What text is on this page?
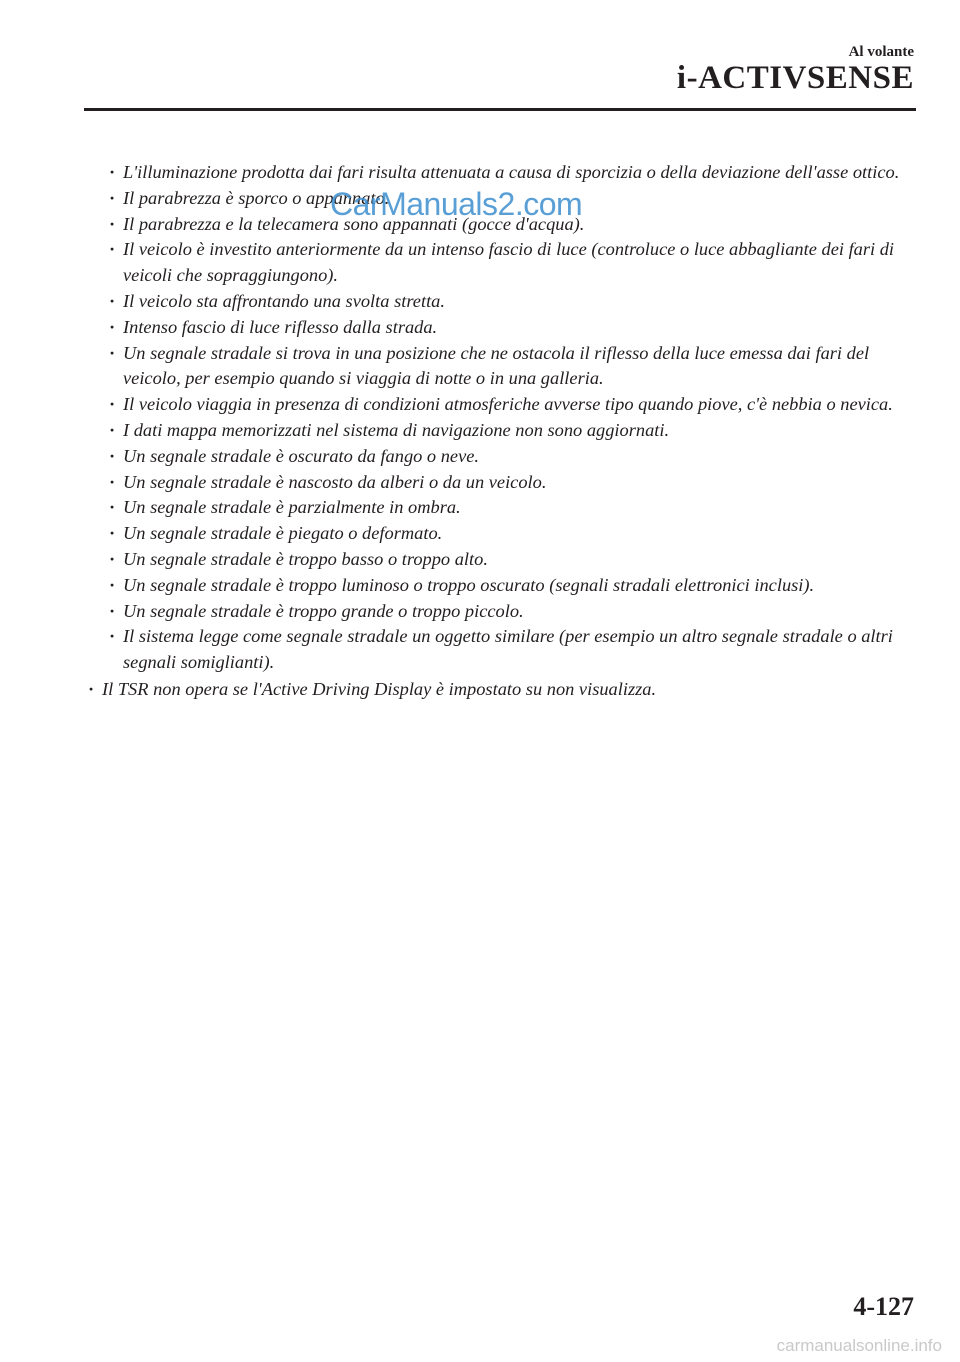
Al volante
i-ACTIVSENSE
· L'illuminazione prodotta dai fari risulta attenuata a causa di sporcizia o della deviazione dell'asse ottico.
· Il parabrezza è sporco o appannato.
· Il parabrezza e la telecamera sono appannati (gocce d'acqua).
· Il veicolo è investito anteriormente da un intenso fascio di luce (controluce o luce abbagliante dei fari di veicoli che sopraggiungono).
· Il veicolo sta affrontando una svolta stretta.
· Intenso fascio di luce riflesso dalla strada.
· Un segnale stradale si trova in una posizione che ne ostacola il riflesso della luce emessa dai fari del veicolo, per esempio quando si viaggia di notte o in una galleria.
· Il veicolo viaggia in presenza di condizioni atmosferiche avverse tipo quando piove, c'è nebbia o nevica.
· I dati mappa memorizzati nel sistema di navigazione non sono aggiornati.
· Un segnale stradale è oscurato da fango o neve.
· Un segnale stradale è nascosto da alberi o da un veicolo.
· Un segnale stradale è parzialmente in ombra.
· Un segnale stradale è piegato o deformato.
· Un segnale stradale è troppo basso o troppo alto.
· Un segnale stradale è troppo luminoso o troppo oscurato (segnali stradali elettronici inclusi).
· Un segnale stradale è troppo grande o troppo piccolo.
· Il sistema legge come segnale stradale un oggetto similare (per esempio un altro segnale stradale o altri segnali somiglianti).
· Il TSR non opera se l'Active Driving Display è impostato su non visualizza.
CarManuals2.com
4-127
carmanualsonline.info
